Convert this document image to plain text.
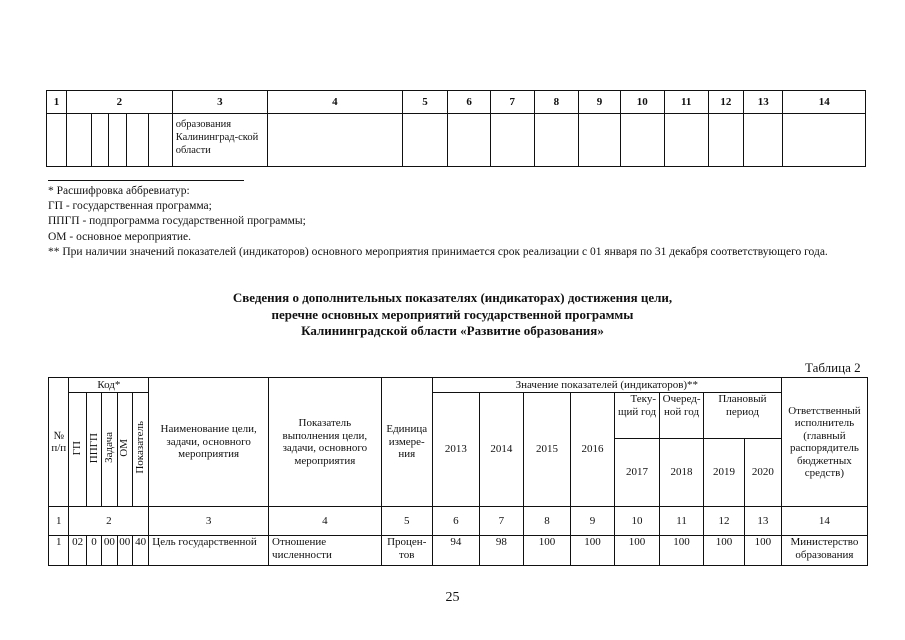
1	2					3	4	5	6	7	8	9	10	11	12	13	14

						образования Калининград-ской области											

* Расшифровка аббревиатур:

ГП - государственная программа;

ППГП - подпрограмма государственной программы;

ОМ - основное мероприятие.

** При наличии значений показателей (индикаторов) основного мероприятия принимается срок реализации с 01 января по 31 декабря соответствующего года.

Сведения о дополнительных показателях (индикаторах) достижения цели,
перечне основных мероприятий государственной программы
Калининградской области «Развитие образования»
Таблица 2
№ п/п	Код*					Наименование цели, задачи, основного мероприятия	Показатель выполнения цели, задачи, основного мероприятия	Единица измере-ния	Значение показателей (индикаторов)**								Ответственный исполнитель (главный распорядитель бюджетных средств)
	ГП	ППГП	Задача	ОМ	Показатель				2013	2014	2015	2016	Теку-щий год	Очеред-ной год	Плановый период		
													2017	2018	2019	2020	
1	2					3	4	5	6	7	8	9	10	11	12	13	14
1	02	0	00	00	40	Цель государственной	Отношение численности	Процен-тов	94	98	100	100	100	100	100	100	Министерство образования
25
